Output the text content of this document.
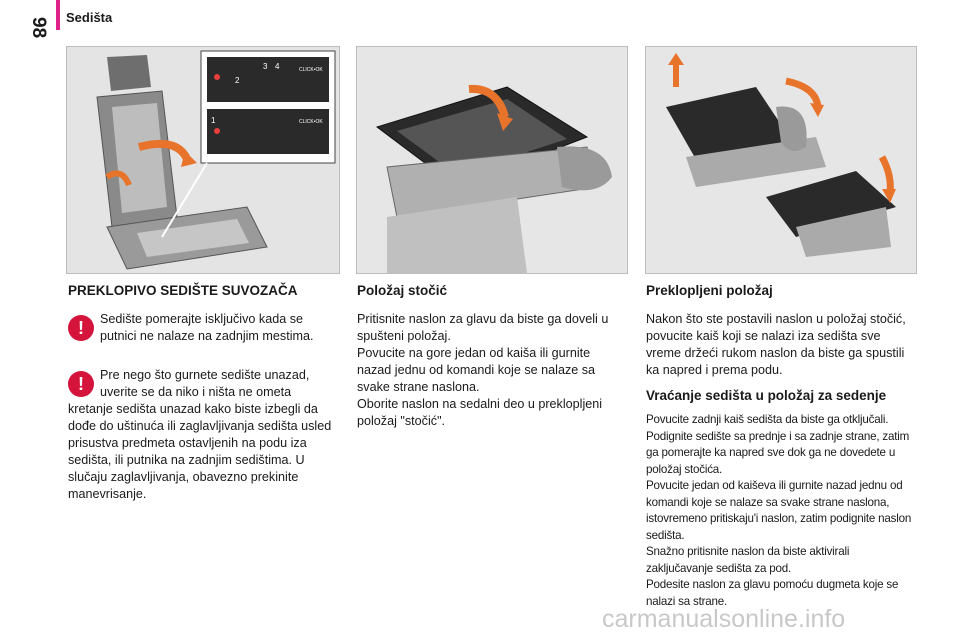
98 Sedišta
2
3 4
1
CLICK•OK
CLICK•OK
PREKLOPIVO SEDIŠTE SUVOZAČA
!	Sedište pomerajte isključivo kada se putnici ne nalaze na zadnjim mestima.

!	Pre nego što gurnete sedište unazad, uverite se da niko i ništa ne ometa

kretanje sedišta unazad kako biste izbegli da dođe do uštinuća ili zaglavljivanja sedišta usled prisustva predmeta ostavljenih na podu iza sedišta, ili putnika na zadnjim sedištima. U slučaju zaglavljivanja, obavezno prekinite manevrisanje.

Položaj stočić

Pritisnite naslon za glavu da biste ga doveli u spušteni položaj.

Povucite na gore jedan od kaiša ili gurnite nazad jednu od komandi koje se nalaze sa svake strane naslona.

Oborite naslon na sedalni deo u preklopljeni položaj "stočić".

Preklopljeni položaj

Nakon što ste postavili naslon u položaj stočić, povucite kaiš koji se nalazi iza sedišta sve vreme držeći rukom naslon da biste ga spustili ka napred i prema podu.

Vraćanje sedišta u položaj za sedenje

Povucite zadnji kaiš sedišta da biste ga otključali. Podignite sedište sa prednje i sa zadnje strane, zatim ga pomerajte ka napred sve dok ga ne dovedete u položaj stočića.

Povucite jedan od kaiševa ili gurnite nazad jednu od komandi koje se nalaze sa svake strane naslona, istovremeno pritiskaju'i naslon, zatim podignite naslon sedišta.

Snažno pritisnite naslon da biste aktivirali zaključavanje sedišta za pod.

Podesite naslon za glavu pomoću dugmeta koje se nalazi sa strane.

carmanualsonline.info
